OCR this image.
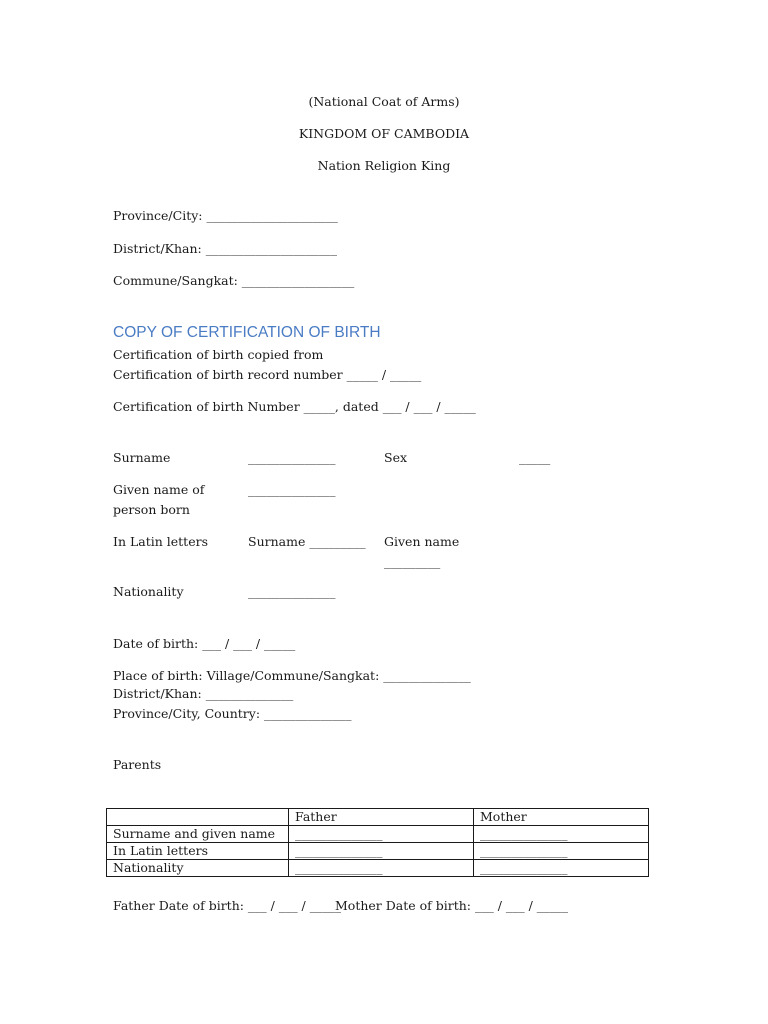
(National Coat of Arms)
KINGDOM OF CAMBODIA
Nation Religion King
Province/City: _____________________
District/Khan: _____________________
Commune/Sangkat: __________________
COPY OF CERTIFICATION OF BIRTH
Certification of birth copied from
Certification of birth record number _____ / _____
Certification of birth Number _____, dated ___ / ___ / _____
Surname	______________	Sex	_____
Given name of
person born
______________
In Latin letters	Surname _________ Given name
_________
Nationality	______________
Date of birth: ___ / ___ / _____
Place of birth: Village/Commune/Sangkat: ______________
District/Khan: ______________
Province/City, Country: ______________
Parents
	Father	Mother
Surname and given name	______________	______________
In Latin letters	______________	______________
Nationality	______________	______________
Father Date of birth: ___ / ___ / _____
Mother Date of birth: ___ / ___ / _____
